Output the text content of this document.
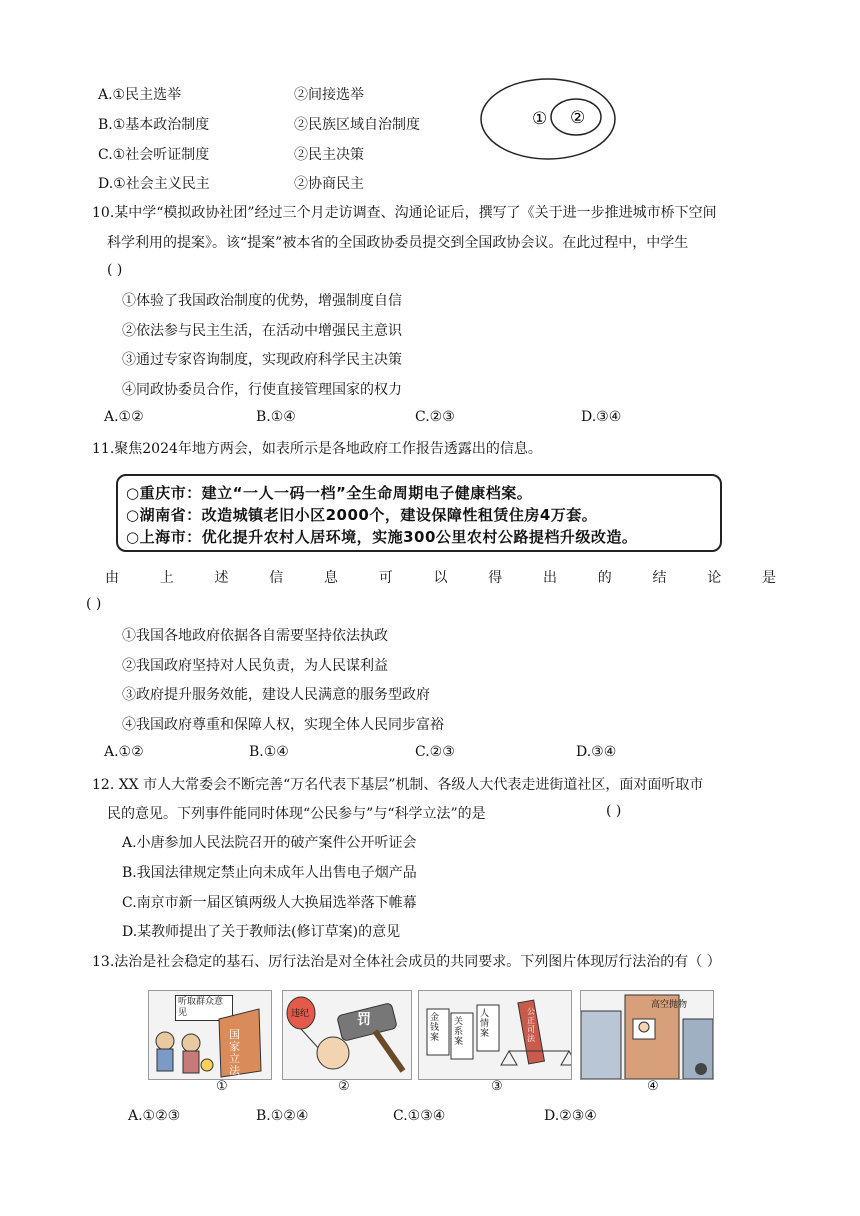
A.①民主选举	②间接选举
B.①基本政治制度	②民族区域自治制度
C.①社会听证制度	②民主决策
D.①社会主义民主	②协商民主
① ②
10.某中学“模拟政协社团”经过三个月走访调查、沟通论证后，撰写了《关于进一步推进城市桥下空间
科学利用的提案》。该“提案”被本省的全国政协委员提交到全国政协会议。在此过程中，中学生
( )
①体验了我国政治制度的优势，增强制度自信
②依法参与民主生活，在活动中增强民主意识
③通过专家咨询制度，实现政府科学民主决策
④同政协委员合作，行使直接管理国家的权力
A.①②	B.①④	C.②③	D.③④
11.聚焦2024年地方两会，如表所示是各地政府工作报告透露出的信息。
○重庆市：建立“一人一码一档”全生命周期电子健康档案。
○湖南省：改造城镇老旧小区2000个，建设保障性租赁住房4万套。
○上海市：优化提升农村人居环境，实施300公里农村公路提档升级改造。
由	上	述	信	息	可	以	得	出	的	结	论	是
( )
①我国各地政府依据各自需要坚持依法执政
②我国政府坚持对人民负责，为人民谋利益
③政府提升服务效能，建设人民满意的服务型政府
④我国政府尊重和保障人权，实现全体人民同步富裕
A.①②	B.①④	C.②③	D.③④
12. XX 市人大常委会不断完善“万名代表下基层”机制、各级人大代表走进街道社区，面对面听取市
民的意见。下列事件能同时体现“公民参与”与“科学立法”的是	( )
A.小唐参加人民法院召开的破产案件公开听证会
B.我国法律规定禁止向未成年人出售电子烟产品
C.南京市新一届区镇两级人大换届选举落下帷幕
D.某教师提出了关于教师法(修订草案)的意见
13.法治是社会稳定的基石、厉行法治是对全体社会成员的共同要求。下列图片体现厉行法治的有（ ）
听取群众意见
国家立法
①
违纪	罚
②
金钱案
关系案
人情案
公正司法
③
高空抛物
④
A.①②③	B.①②④	C.①③④	D.②③④
